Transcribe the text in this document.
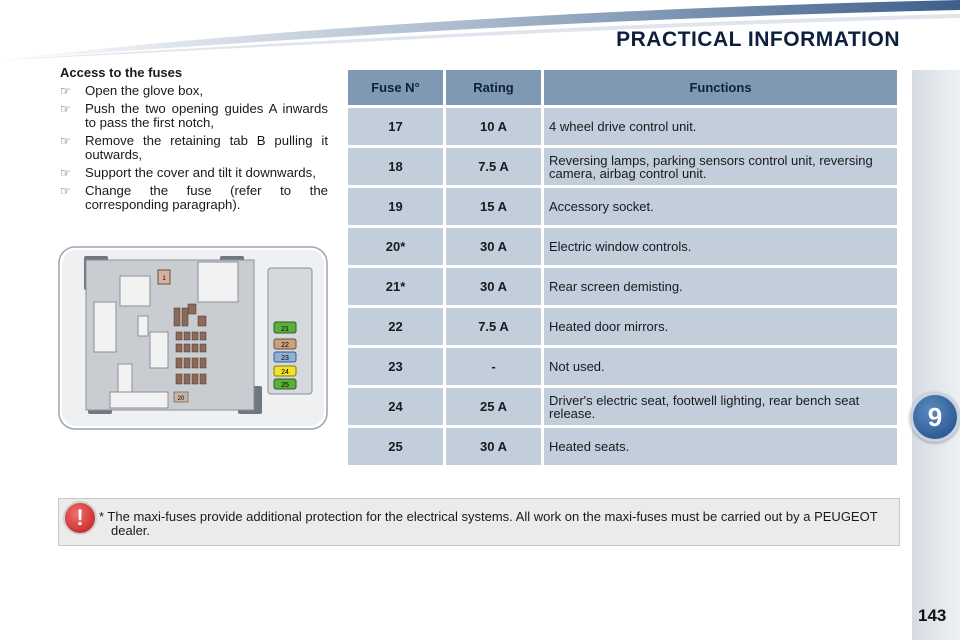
PRACTICAL INFORMATION
9
143
Access to the fuses
☞ Open the glove box,
☞ Push the two opening guides A inwards to pass the first notch,
☞ Remove the retaining tab B pulling it outwards,
☞ Support the cover and tilt it downwards,
☞ Change the fuse (refer to the corresponding paragraph).
1
20
21
22
23
24
25
Fuse N°	Rating	Functions
17	10 A	4 wheel drive control unit.
18	7.5 A	Reversing lamps, parking sensors control unit, reversing camera, airbag control unit.
19	15 A	Accessory socket.
20*	30 A	Electric window controls.
21*	30 A	Rear screen demisting.
22	7.5 A	Heated door mirrors.
23	-	Not used.
24	25 A	Driver's electric seat, footwell lighting, rear bench seat release.
25	30 A	Heated seats.
!	* The maxi-fuses provide additional protection for the electrical systems. All work on the maxi-fuses must be carried out by a PEUGEOT dealer.
